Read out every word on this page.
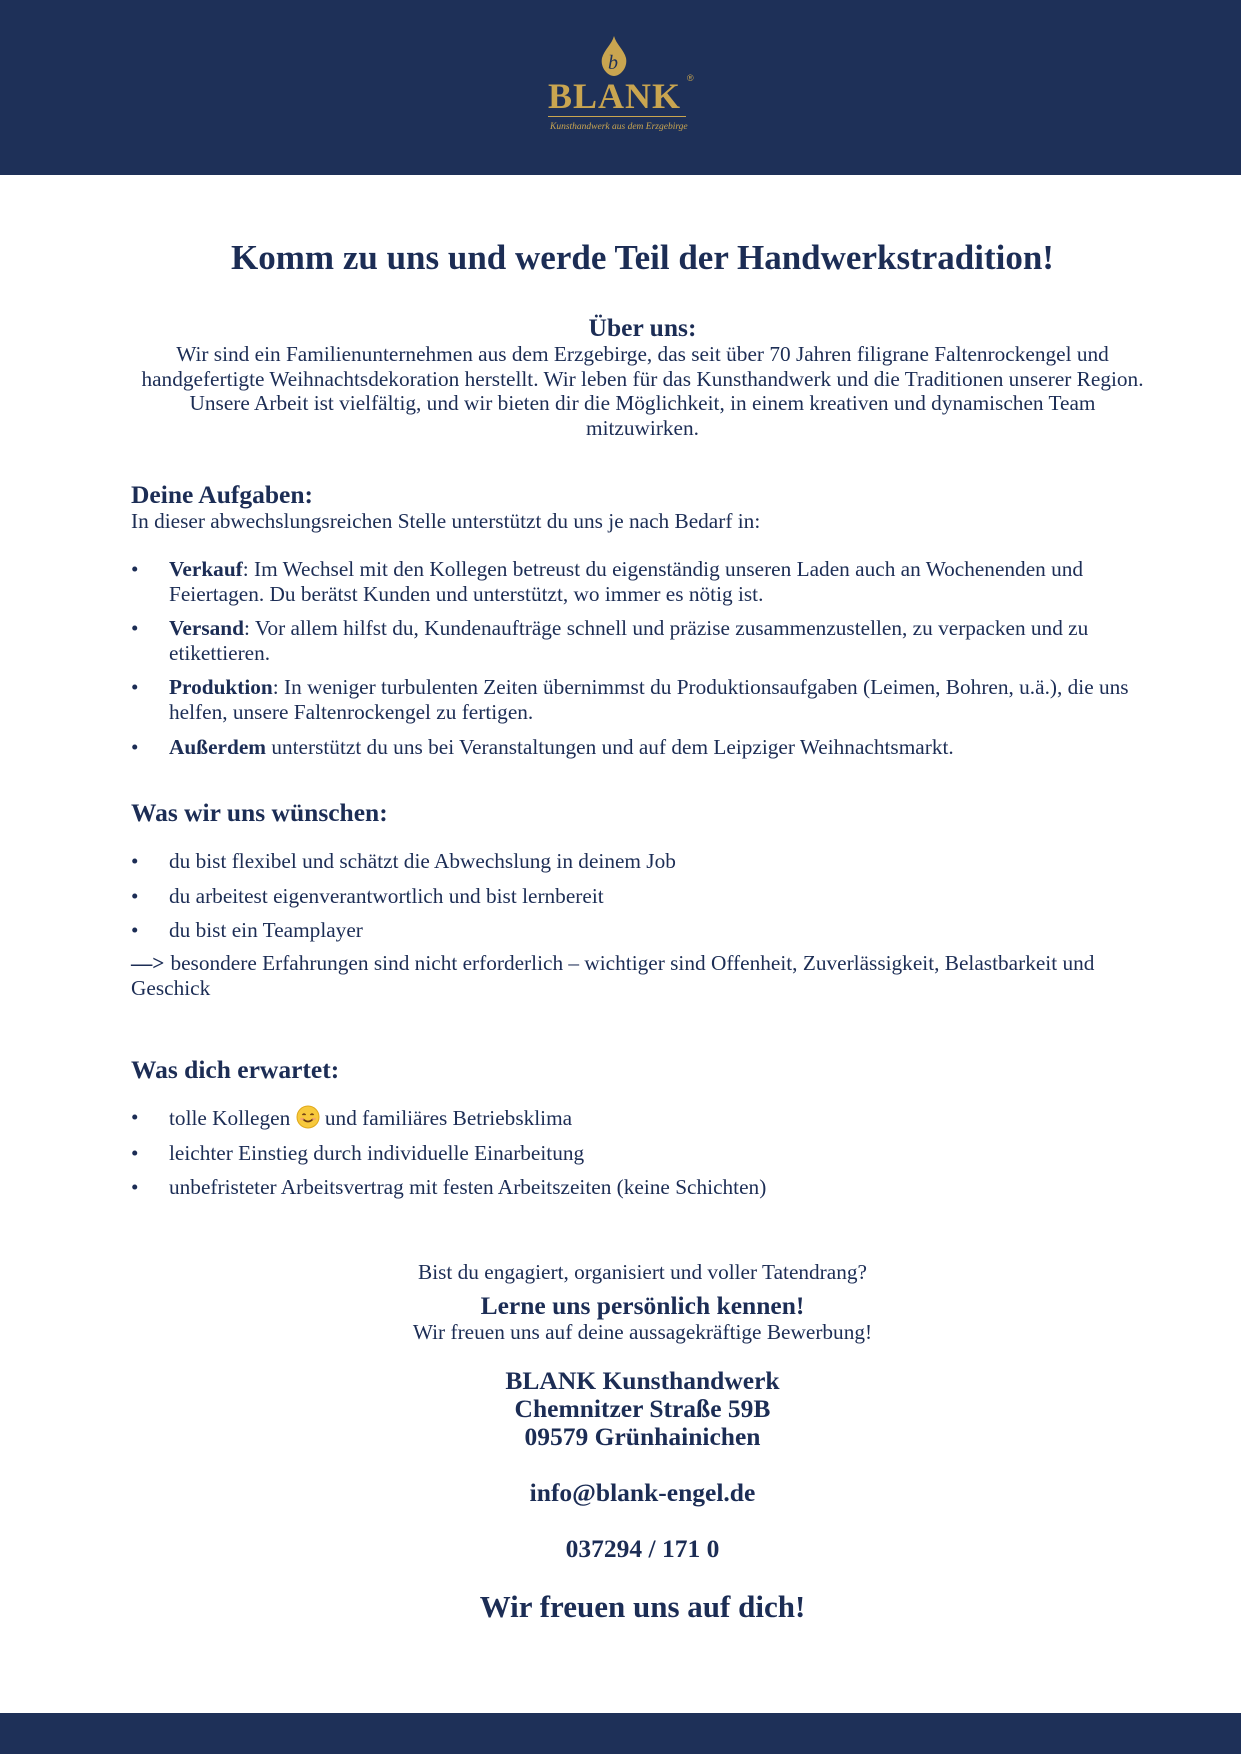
b
BLANK ®
Kunsthandwerk aus dem Erzgebirge
Komm zu uns und werde Teil der Handwerkstradition!
Über uns:

Wir sind ein Familienunternehmen aus dem Erzgebirge, das seit über 70 Jahren filigrane Faltenrockengel und handgefertigte Weihnachtsdekoration herstellt. Wir leben für das Kunsthandwerk und die Traditionen unserer Region. Unsere Arbeit ist vielfältig, und wir bieten dir die Möglichkeit, in einem kreativen und dynamischen Team mitzuwirken.

Deine Aufgaben:

In dieser abwechslungsreichen Stelle unterstützt du uns je nach Bedarf in:

• Verkauf: Im Wechsel mit den Kollegen betreust du eigenständig unseren Laden auch an Wochenenden und Feiertagen. Du berätst Kunden und unterstützt, wo immer es nötig ist.
• Versand: Vor allem hilfst du, Kundenaufträge schnell und präzise zusammenzustellen, zu verpacken und zu etikettieren.
• Produktion: In weniger turbulenten Zeiten übernimmst du Produktionsaufgaben (Leimen, Bohren, u.ä.), die uns helfen, unsere Faltenrockengel zu fertigen.
• Außerdem unterstützt du uns bei Veranstaltungen und auf dem Leipziger Weihnachtsmarkt.
Was wir uns wünschen:
• du bist flexibel und schätzt die Abwechslung in deinem Job
• du arbeitest eigenverantwortlich und bist lernbereit
• du bist ein Teamplayer

—> besondere Erfahrungen sind nicht erforderlich – wichtiger sind Offenheit, Zuverlässigkeit, Belastbarkeit und Geschick

Was dich erwartet:
• tolle Kollegen und familiäres Betriebsklima
• leichter Einstieg durch individuelle Einarbeitung
• unbefristeter Arbeitsvertrag mit festen Arbeitszeiten (keine Schichten)

Bist du engagiert, organisiert und voller Tatendrang?

Lerne uns persönlich kennen!

Wir freuen uns auf deine aussagekräftige Bewerbung!

BLANK Kunsthandwerk
Chemnitzer Straße 59B
09579 Grünhainichen
info@blank-engel.de
037294 / 171 0
Wir freuen uns auf dich!
